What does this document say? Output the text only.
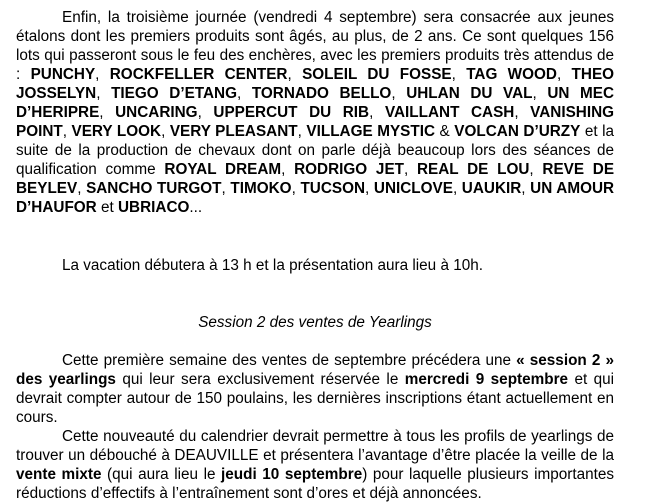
Enfin, la troisième journée (vendredi 4 septembre) sera consacrée aux jeunes étalons dont les premiers produits sont âgés, au plus, de 2 ans. Ce sont quelques 156 lots qui passeront sous le feu des enchères, avec les premiers produits très attendus de : PUNCHY, ROCKFELLER CENTER, SOLEIL DU FOSSE, TAG WOOD, THEO JOSSELYN, TIEGO D’ETANG, TORNADO BELLO, UHLAN DU VAL, UN MEC D’HERIPRE, UNCARING, UPPERCUT DU RIB, VAILLANT CASH, VANISHING POINT, VERY LOOK, VERY PLEASANT, VILLAGE MYSTIC & VOLCAN D’URZY et la suite de la production de chevaux dont on parle déjà beaucoup lors des séances de qualification comme ROYAL DREAM, RODRIGO JET, REAL DE LOU, REVE DE BEYLEV, SANCHO TURGOT, TIMOKO, TUCSON, UNICLOVE, UAUKIR, UN AMOUR D’HAUFOR et UBRIACO...

La vacation débutera à 13 h et la présentation aura lieu à 10h.

Session 2 des ventes de Yearlings

Cette première semaine des ventes de septembre précédera une « session 2 » des yearlings qui leur sera exclusivement réservée le mercredi 9 septembre et qui devrait compter autour de 150 poulains, les dernières inscriptions étant actuellement en cours.

Cette nouveauté du calendrier devrait permettre à tous les profils de yearlings de trouver un débouché à DEAUVILLE et présentera l’avantage d’être placée la veille de la vente mixte (qui aura lieu le jeudi 10 septembre) pour laquelle plusieurs importantes réductions d’effectifs à l’entraînement sont d’ores et déjà annoncées.
